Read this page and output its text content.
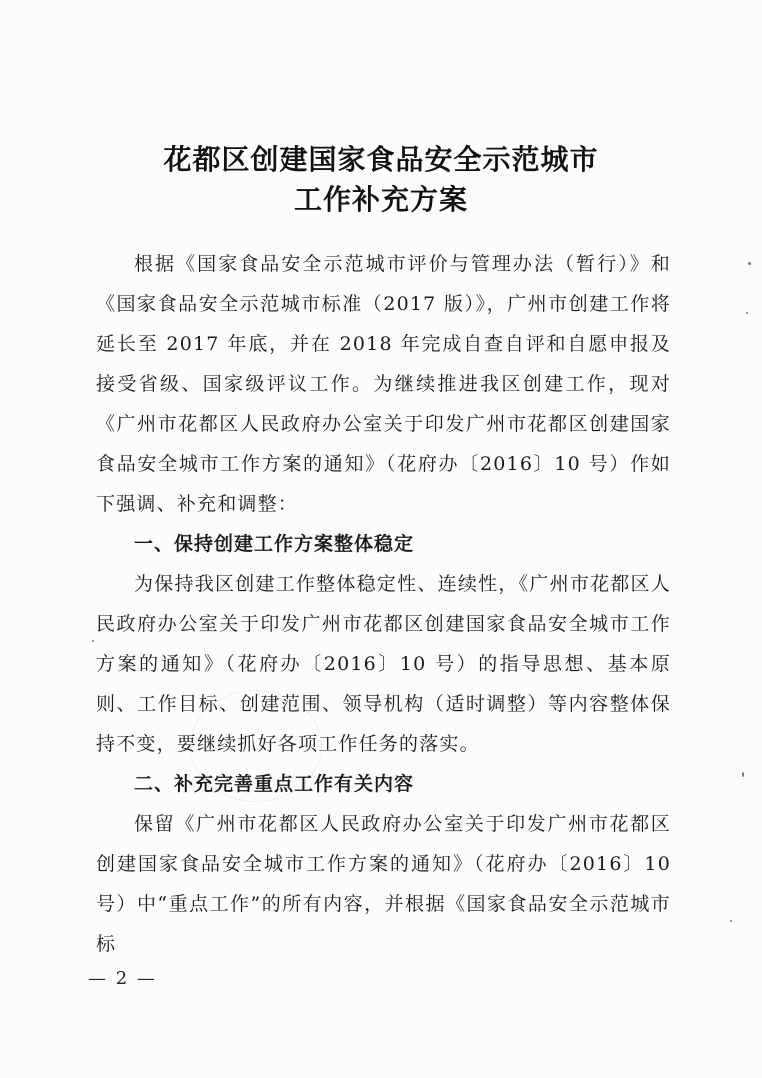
花都区创建国家食品安全示范城市
工作补充方案

根据《国家食品安全示范城市评价与管理办法（暂行）》和《国家食品安全示范城市标准（2017 版）》，广州市创建工作将延长至 2017 年底，并在 2018 年完成自查自评和自愿申报及接受省级、国家级评议工作。为继续推进我区创建工作，现对《广州市花都区人民政府办公室关于印发广州市花都区创建国家食品安全城市工作方案的通知》（花府办〔2016〕10 号）作如下强调、补充和调整：

一、保持创建工作方案整体稳定

为保持我区创建工作整体稳定性、连续性，《广州市花都区人民政府办公室关于印发广州市花都区创建国家食品安全城市工作方案的通知》（花府办〔2016〕10 号）的指导思想、基本原则、工作目标、创建范围、领导机构（适时调整）等内容整体保持不变，要继续抓好各项工作任务的落实。

二、补充完善重点工作有关内容

保留《广州市花都区人民政府办公室关于印发广州市花都区创建国家食品安全城市工作方案的通知》（花府办〔2016〕10 号）中“重点工作”的所有内容，并根据《国家食品安全示范城市标

— 2 —
